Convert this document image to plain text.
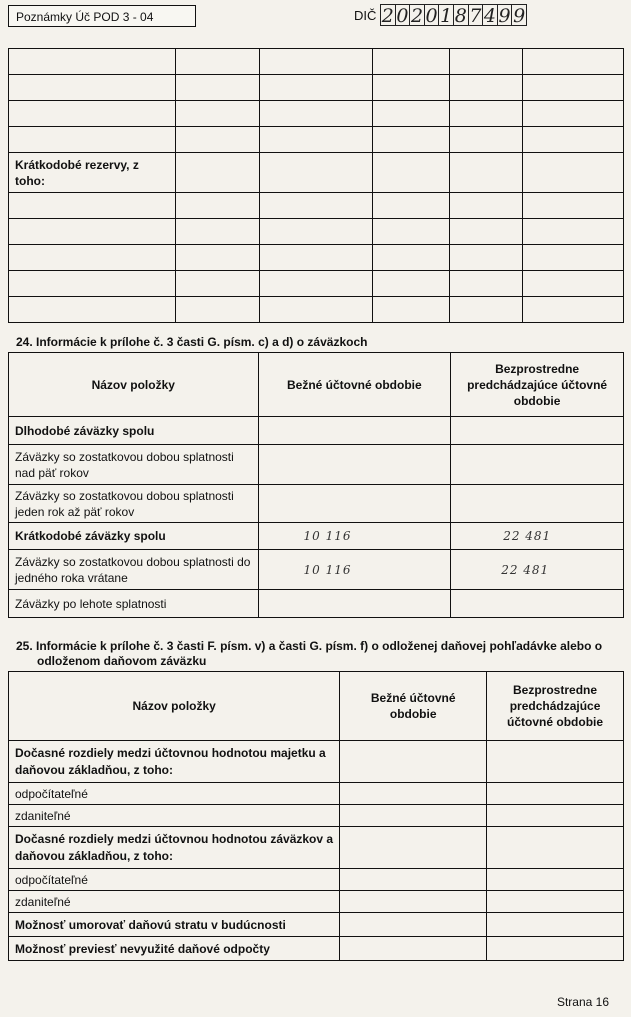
Poznámky Úč POD 3 - 04	DIČ 2 0 2 0 1 8 7 4 9 9

Krátkodobé rezervy, z toho:					

24. Informácie k prílohe č. 3 časti G. písm. c) a d) o záväzkoch
Názov položky	Bežné účtovné obdobie	Bezprostredne predchádzajúce účtovné obdobie
Dlhodobé záväzky spolu		
Záväzky so zostatkovou dobou splatnosti nad päť rokov		
Záväzky so zostatkovou dobou splatnosti jeden rok až päť rokov		
Krátkodobé záväzky spolu	10 116	22 481
Záväzky so zostatkovou dobou splatnosti do jedného roka vrátane	10 116	22 481
Záväzky po lehote splatnosti		
25. Informácie k prílohe č. 3 časti F. písm. v) a časti G. písm. f) o odloženej daňovej pohľadávke alebo o
odloženom daňovom záväzku
Názov položky	Bežné účtovné obdobie	Bezprostredne predchádzajúce účtovné obdobie
Dočasné rozdiely medzi účtovnou hodnotou majetku a daňovou základňou, z toho:		
odpočítateľné		
zdaniteľné		
Dočasné rozdiely medzi účtovnou hodnotou záväzkov a daňovou základňou, z toho:		
odpočítateľné		
zdaniteľné		
Možnosť umorovať daňovú stratu v budúcnosti		
Možnosť previesť nevyužité daňové odpočty		
Strana 16
